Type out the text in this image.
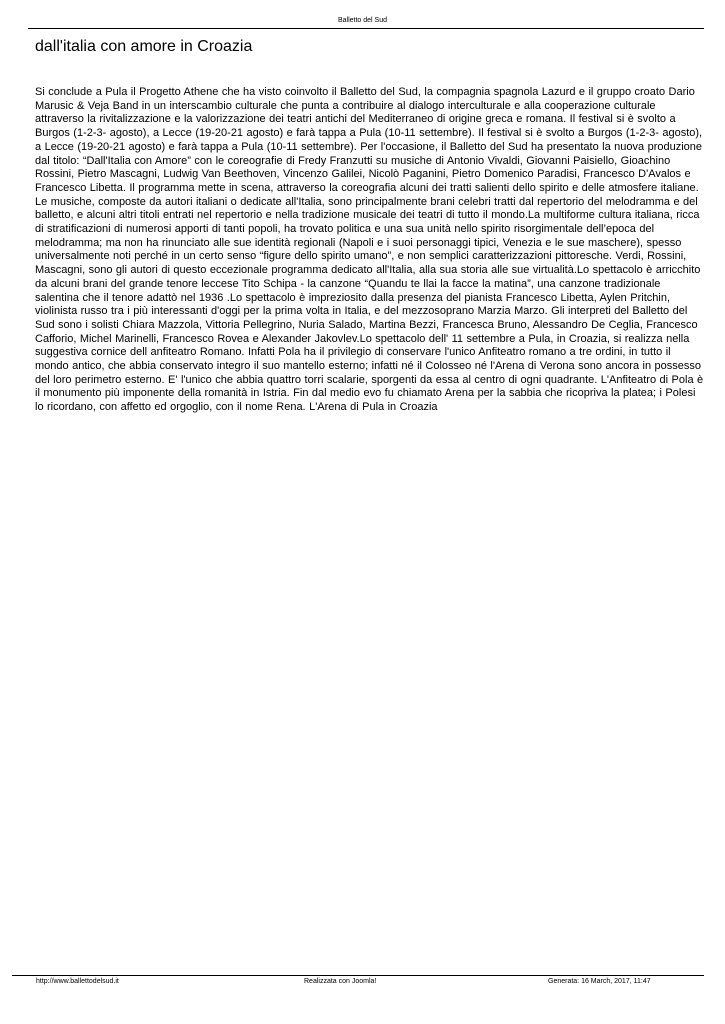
Balletto del Sud
dall'italia con amore in Croazia

Si conclude a Pula il Progetto Athene che ha visto coinvolto il Balletto del Sud, la compagnia spagnola Lazurd e il gruppo croato Dario Marusic & Veja Band in un interscambio culturale che punta a contribuire al dialogo interculturale e alla cooperazione culturale attraverso la rivitalizzazione e la valorizzazione dei teatri antichi del Mediterraneo di origine greca e romana. Il festival si è svolto a Burgos (1-2-3- agosto), a Lecce (19-20-21 agosto) e farà tappa a Pula (10-11 settembre). Il festival si è svolto a Burgos (1-2-3- agosto), a Lecce (19-20-21 agosto) e farà tappa a Pula (10-11 settembre). Per l'occasione, il Balletto del Sud ha presentato la nuova produzione dal titolo: “Dall'Italia con Amore” con le coreografie di Fredy Franzutti su musiche di Antonio Vivaldi, Giovanni Paisiello, Gioachino Rossini, Pietro Mascagni, Ludwig Van Beethoven, Vincenzo Galilei, Nicolò Paganini, Pietro Domenico Paradisi, Francesco D'Avalos e Francesco Libetta. Il programma mette in scena, attraverso la coreografia alcuni dei tratti salienti dello spirito e delle atmosfere italiane. Le musiche, composte da autori italiani o dedicate all'Italia, sono principalmente brani celebri tratti dal repertorio del melodramma e del balletto, e alcuni altri titoli entrati nel repertorio e nella tradizione musicale dei teatri di tutto il mondo.La multiforme cultura italiana, ricca di stratificazioni di numerosi apporti di tanti popoli, ha trovato politica e una sua unità nello spirito risorgimentale dell’epoca del melodramma; ma non ha rinunciato alle sue identità regionali (Napoli e i suoi personaggi tipici, Venezia e le sue maschere), spesso universalmente noti perché in un certo senso “figure dello spirito umano”, e non semplici caratterizzazioni pittoresche. Verdi, Rossini, Mascagni, sono gli autori di questo eccezionale programma dedicato all'Italia, alla sua storia alle sue virtualità.Lo spettacolo è arricchito da alcuni brani del grande tenore leccese Tito Schipa - la canzone “Quandu te llai la facce la matina”, una canzone tradizionale salentina che il tenore adattò nel 1936 .Lo spettacolo è impreziosito dalla presenza del pianista Francesco Libetta, Aylen Pritchin, violinista russo tra i più interessanti d'oggi per la prima volta in Italia, e del mezzosoprano Marzia Marzo. Gli interpreti del Balletto del Sud sono i solisti Chiara Mazzola, Vittoria Pellegrino, Nuria Salado, Martina Bezzi, Francesca Bruno, Alessandro De Ceglia, Francesco Cafforio, Michel Marinelli, Francesco Rovea e Alexander Jakovlev.Lo spettacolo dell' 11 settembre a Pula, in Croazia, si realizza nella suggestiva cornice dell anfiteatro Romano. Infatti Pola ha il privilegio di conservare l'unico Anfiteatro romano a tre ordini, in tutto il mondo antico, che abbia conservato integro il suo mantello esterno; infatti né il Colosseo né l'Arena di Verona sono ancora in possesso del loro perimetro esterno. E' l'unico che abbia quattro torri scalarie, sporgenti da essa al centro di ogni quadrante. L'Anfiteatro di Pola è il monumento più imponente della romanità in Istria. Fin dal medio evo fu chiamato Arena per la sabbia che ricopriva la platea; i Polesi lo ricordano, con affetto ed orgoglio, con il nome Rena. L'Arena di Pula in Croazia

http://www.ballettodelsud.it	Realizzata con Joomla!	Generata: 16 March, 2017, 11:47
